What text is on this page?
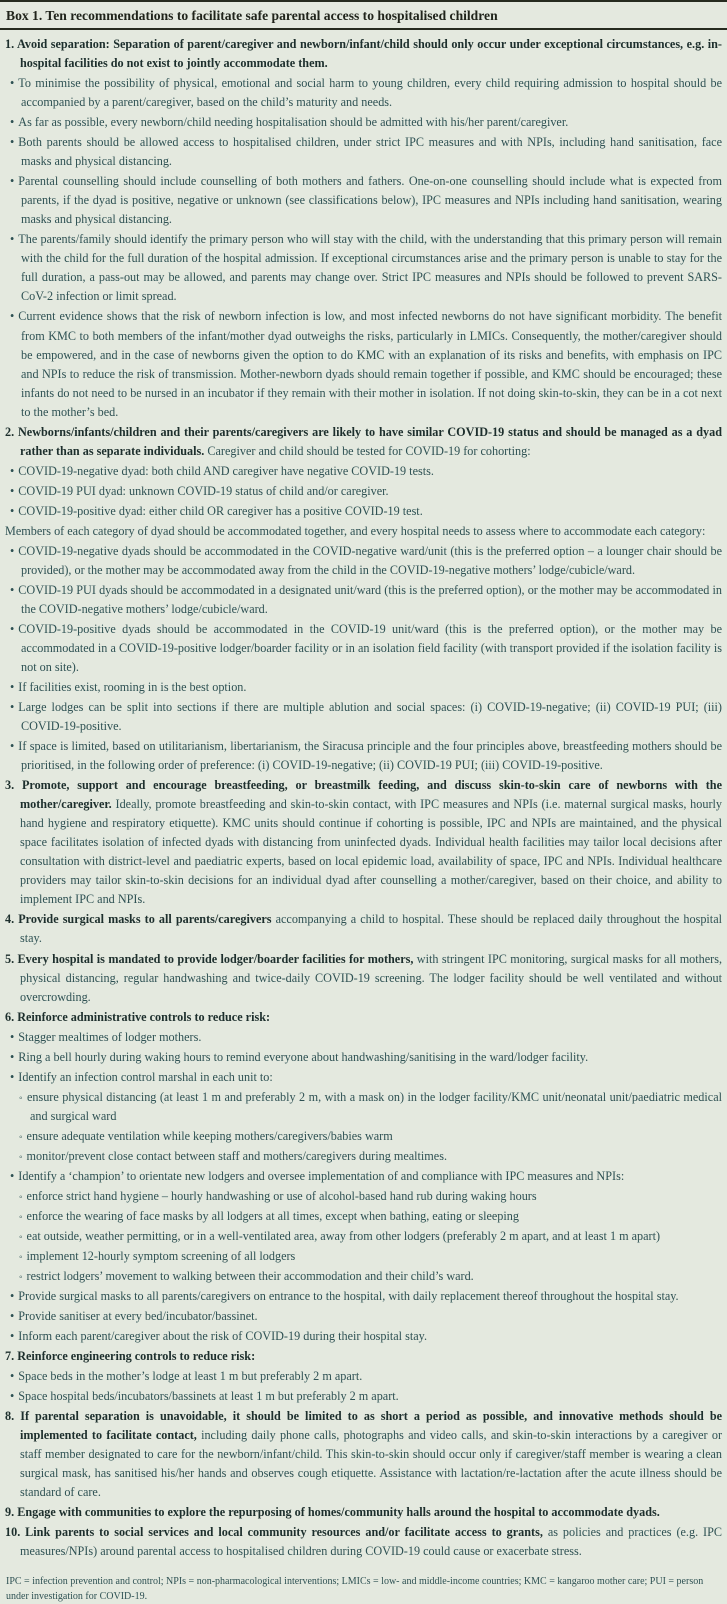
Box 1. Ten recommendations to facilitate safe parental access to hospitalised children
1. Avoid separation: Separation of parent/caregiver and newborn/infant/child should only occur under exceptional circumstances, e.g. in-hospital facilities do not exist to jointly accommodate them.
• To minimise the possibility of physical, emotional and social harm to young children, every child requiring admission to hospital should be accompanied by a parent/caregiver, based on the child’s maturity and needs.
• As far as possible, every newborn/child needing hospitalisation should be admitted with his/her parent/caregiver.
• Both parents should be allowed access to hospitalised children, under strict IPC measures and with NPIs, including hand sanitisation, face masks and physical distancing.
• Parental counselling should include counselling of both mothers and fathers. One-on-one counselling should include what is expected from parents, if the dyad is positive, negative or unknown (see classifications below), IPC measures and NPIs including hand sanitisation, wearing masks and physical distancing.
• The parents/family should identify the primary person who will stay with the child, with the understanding that this primary person will remain with the child for the full duration of the hospital admission. If exceptional circumstances arise and the primary person is unable to stay for the full duration, a pass-out may be allowed, and parents may change over. Strict IPC measures and NPIs should be followed to prevent SARS-CoV-2 infection or limit spread.
• Current evidence shows that the risk of newborn infection is low, and most infected newborns do not have significant morbidity. The benefit from KMC to both members of the infant/mother dyad outweighs the risks, particularly in LMICs. Consequently, the mother/caregiver should be empowered, and in the case of newborns given the option to do KMC with an explanation of its risks and benefits, with emphasis on IPC and NPIs to reduce the risk of transmission. Mother-newborn dyads should remain together if possible, and KMC should be encouraged; these infants do not need to be nursed in an incubator if they remain with their mother in isolation. If not doing skin-to-skin, they can be in a cot next to the mother’s bed.
2. Newborns/infants/children and their parents/caregivers are likely to have similar COVID-19 status and should be managed as a dyad rather than as separate individuals. Caregiver and child should be tested for COVID-19 for cohorting:
• COVID-19-negative dyad: both child AND caregiver have negative COVID-19 tests.
• COVID-19 PUI dyad: unknown COVID-19 status of child and/or caregiver.
• COVID-19-positive dyad: either child OR caregiver has a positive COVID-19 test.
Members of each category of dyad should be accommodated together, and every hospital needs to assess where to accommodate each category:
• COVID-19-negative dyads should be accommodated in the COVID-negative ward/unit (this is the preferred option – a lounger chair should be provided), or the mother may be accommodated away from the child in the COVID-19-negative mothers’ lodge/cubicle/ward.
• COVID-19 PUI dyads should be accommodated in a designated unit/ward (this is the preferred option), or the mother may be accommodated in the COVID-negative mothers’ lodge/cubicle/ward.
• COVID-19-positive dyads should be accommodated in the COVID-19 unit/ward (this is the preferred option), or the mother may be accommodated in a COVID-19-positive lodger/boarder facility or in an isolation field facility (with transport provided if the isolation facility is not on site).
• If facilities exist, rooming in is the best option.
• Large lodges can be split into sections if there are multiple ablution and social spaces: (i) COVID-19-negative; (ii) COVID-19 PUI; (iii) COVID-19-positive.
• If space is limited, based on utilitarianism, libertarianism, the Siracusa principle and the four principles above, breastfeeding mothers should be prioritised, in the following order of preference: (i) COVID-19-negative; (ii) COVID-19 PUI; (iii) COVID-19-positive.
3. Promote, support and encourage breastfeeding, or breastmilk feeding, and discuss skin-to-skin care of newborns with the mother/caregiver. Ideally, promote breastfeeding and skin-to-skin contact, with IPC measures and NPIs (i.e. maternal surgical masks, hourly hand hygiene and respiratory etiquette). KMC units should continue if cohorting is possible, IPC and NPIs are maintained, and the physical space facilitates isolation of infected dyads with distancing from uninfected dyads. Individual health facilities may tailor local decisions after consultation with district-level and paediatric experts, based on local epidemic load, availability of space, IPC and NPIs. Individual healthcare providers may tailor skin-to-skin decisions for an individual dyad after counselling a mother/caregiver, based on their choice, and ability to implement IPC and NPIs.
4. Provide surgical masks to all parents/caregivers accompanying a child to hospital. These should be replaced daily throughout the hospital stay.
5. Every hospital is mandated to provide lodger/boarder facilities for mothers, with stringent IPC monitoring, surgical masks for all mothers, physical distancing, regular handwashing and twice-daily COVID-19 screening. The lodger facility should be well ventilated and without overcrowding.
6. Reinforce administrative controls to reduce risk:
• Stagger mealtimes of lodger mothers.
• Ring a bell hourly during waking hours to remind everyone about handwashing/sanitising in the ward/lodger facility.
• Identify an infection control marshal in each unit to:
◦ ensure physical distancing (at least 1 m and preferably 2 m, with a mask on) in the lodger facility/KMC unit/neonatal unit/paediatric medical and surgical ward
◦ ensure adequate ventilation while keeping mothers/caregivers/babies warm
◦ monitor/prevent close contact between staff and mothers/caregivers during mealtimes.
• Identify a ‘champion’ to orientate new lodgers and oversee implementation of and compliance with IPC measures and NPIs:
◦ enforce strict hand hygiene – hourly handwashing or use of alcohol-based hand rub during waking hours
◦ enforce the wearing of face masks by all lodgers at all times, except when bathing, eating or sleeping
◦ eat outside, weather permitting, or in a well-ventilated area, away from other lodgers (preferably 2 m apart, and at least 1 m apart)
◦ implement 12-hourly symptom screening of all lodgers
◦ restrict lodgers’ movement to walking between their accommodation and their child’s ward.
• Provide surgical masks to all parents/caregivers on entrance to the hospital, with daily replacement thereof throughout the hospital stay.
• Provide sanitiser at every bed/incubator/bassinet.
• Inform each parent/caregiver about the risk of COVID-19 during their hospital stay.
7. Reinforce engineering controls to reduce risk:
• Space beds in the mother’s lodge at least 1 m but preferably 2 m apart.
• Space hospital beds/incubators/bassinets at least 1 m but preferably 2 m apart.
8. If parental separation is unavoidable, it should be limited to as short a period as possible, and innovative methods should be implemented to facilitate contact, including daily phone calls, photographs and video calls, and skin-to-skin interactions by a caregiver or staff member designated to care for the newborn/infant/child. This skin-to-skin should occur only if caregiver/staff member is wearing a clean surgical mask, has sanitised his/her hands and observes cough etiquette. Assistance with lactation/re-lactation after the acute illness should be standard of care.
9. Engage with communities to explore the repurposing of homes/community halls around the hospital to accommodate dyads.
10. Link parents to social services and local community resources and/or facilitate access to grants, as policies and practices (e.g. IPC measures/NPIs) around parental access to hospitalised children during COVID-19 could cause or exacerbate stress.
IPC = infection prevention and control; NPIs = non-pharmacological interventions; LMICs = low- and middle-income countries; KMC = kangaroo mother care; PUI = person under investigation for COVID-19.
